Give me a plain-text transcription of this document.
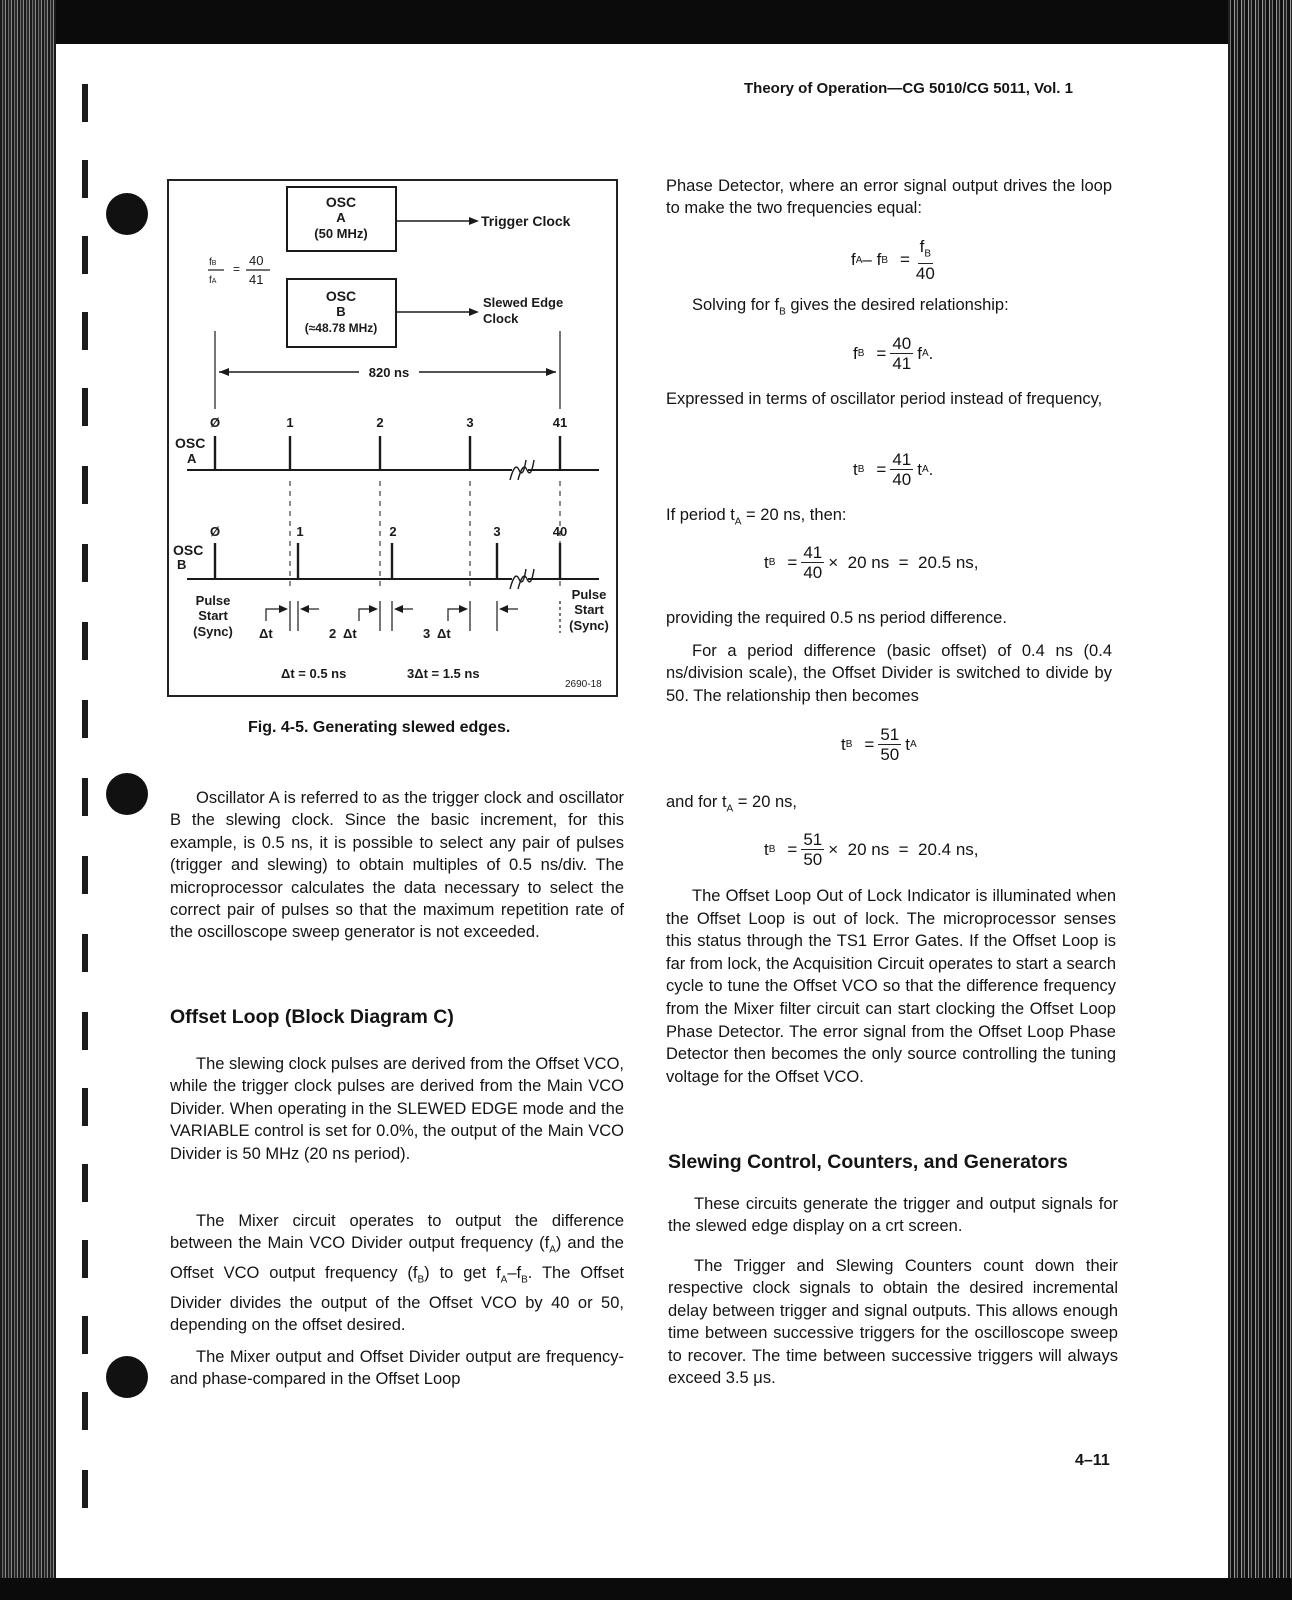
Theory of Operation—CG 5010/CG 5011, Vol. 1
OSC
A
(50 MHz)
Trigger Clock
fB
fA
=
40
41
OSC
B
(≈48.78 MHz)
Slewed Edge
Clock
820 ns
OSC
A
Ø	1	2	3	41
OSC
B
Ø	1	2	3	40
Pulse
Start
(Sync)
Pulse
Start
(Sync)
Δt	2  Δt	3  Δt
Δt = 0.5 ns	3Δt = 1.5 ns
2690-18
Fig. 4-5. Generating slewed edges.

Oscillator A is referred to as the trigger clock and oscillator B the slewing clock. Since the basic increment, for this example, is 0.5 ns, it is possible to select any pair of pulses (trigger and slewing) to obtain multiples of 0.5 ns/div. The microprocessor calculates the data necessary to select the correct pair of pulses so that the maximum repetition rate of the oscilloscope sweep generator is not exceeded.

Offset Loop (Block Diagram C)

The slewing clock pulses are derived from the Offset VCO, while the trigger clock pulses are derived from the Main VCO Divider. When operating in the SLEWED EDGE mode and the VARIABLE control is set for 0.0%, the output of the Main VCO Divider is 50 MHz (20 ns period).

The Mixer circuit operates to output the difference between the Main VCO Divider output frequency $(f_A)$ and the Offset VCO output frequency $(f_B)$ to get $f_A-f_B$. The Offset Divider divides the output of the Offset VCO by 40 or 50, depending on the offset desired.

The Mixer output and Offset Divider output are frequency-and phase-compared in the Offset Loop

Phase Detector, where an error signal output drives the loop to make the two frequencies equal:

f A – f $B = \frac{f_B}{40}$

Solving for $f_B$ gives the desired relationship:

f $B = \frac{40}{41}$ f A .

Expressed in terms of oscillator period instead of frequency,

t $B = \frac{41}{40}$ t A .

If period $t_A = 20$ ns, then:

t $B = \frac{41}{40} \times 20$ ns  =  20.5 ns,

providing the required 0.5 ns period difference.

For a period difference (basic offset) of 0.4 ns (0.4 ns/division scale), the Offset Divider is switched to divide by 50. The relationship then becomes

t $B = \frac{51}{50}$ t A

and for $t_A = 20$ ns,

t $B = \frac{51}{50} \times 20$ ns  =  20.4 ns,

The Offset Loop Out of Lock Indicator is illuminated when the Offset Loop is out of lock. The microprocessor senses this status through the TS1 Error Gates. If the Offset Loop is far from lock, the Acquisition Circuit operates to start a search cycle to tune the Offset VCO so that the difference frequency from the Mixer filter circuit can start clocking the Offset Loop Phase Detector. The error signal from the Offset Loop Phase Detector then becomes the only source controlling the tuning voltage for the Offset VCO.

Slewing Control, Counters, and Generators

These circuits generate the trigger and output signals for the slewed edge display on a crt screen.

The Trigger and Slewing Counters count down their respective clock signals to obtain the desired incremental delay between trigger and signal outputs. This allows enough time between successive triggers for the oscilloscope sweep to recover. The time between successive triggers will always exceed 3.5 μs.

4–11
